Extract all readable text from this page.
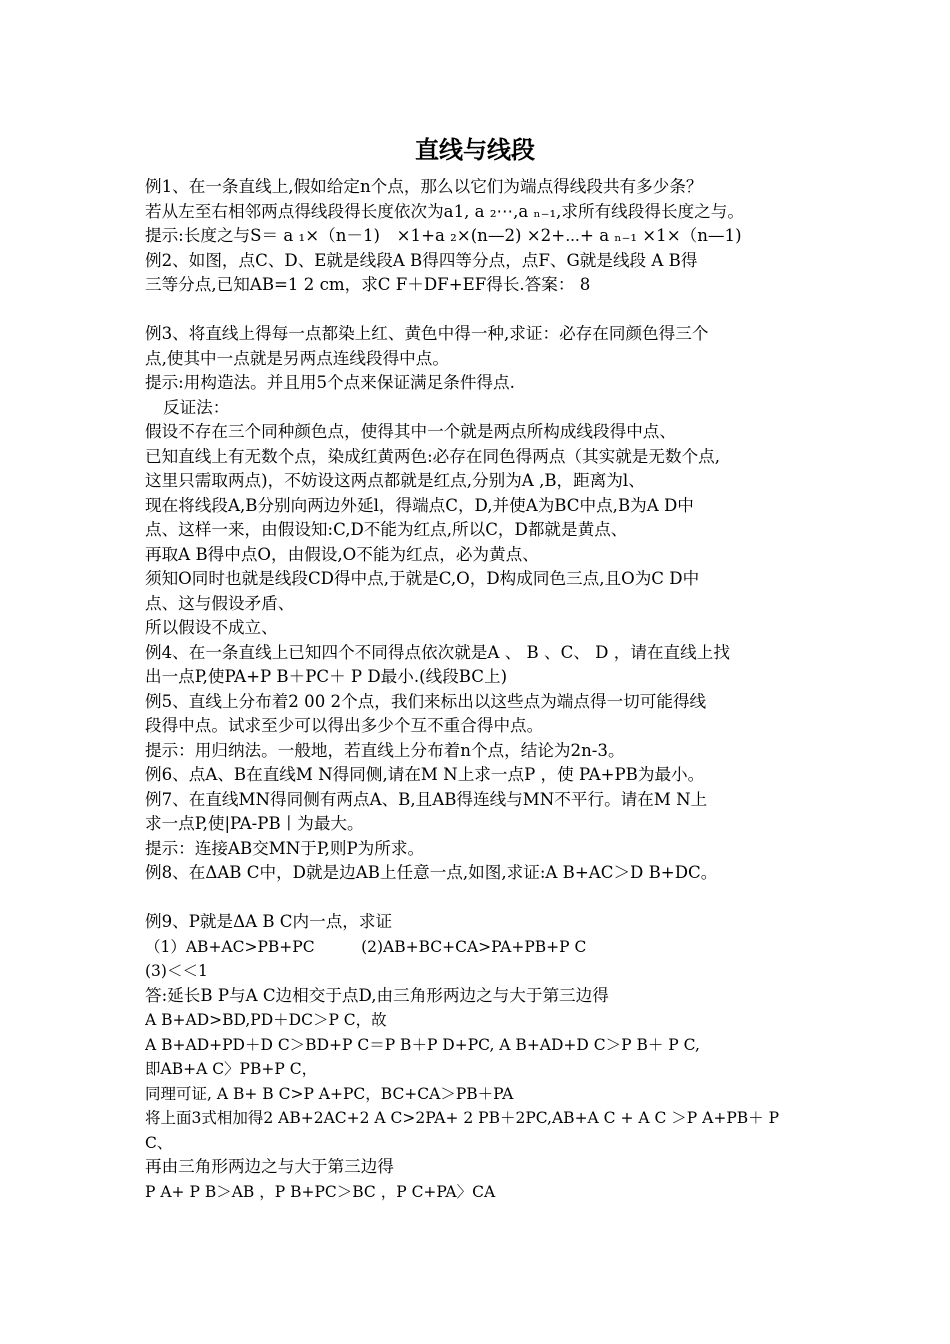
直线与线段
例1、在一条直线上,假如给定n个点，那么以它们为端点得线段共有多少条？
若从左至右相邻两点得线段得长度依次为a1, a ₂⋯,a ₙ₋₁,求所有线段得长度之与。
提示:长度之与S＝ a ₁×（n－1)　×1+a ₂×(n—2) ×2+⋯+ a ₙ₋₁ ×1×（n—1)
例2、如图，点C、D、E就是线段A B得四等分点，点F、G就是线段 A B得
三等分点,已知AB=1 2 cm，求C F＋DF+EF得长.答案： 8
例3、将直线上得每一点都染上红、黄色中得一种,求证：必存在同颜色得三个
点,使其中一点就是另两点连线段得中点。
提示:用构造法。并且用5个点来保证满足条件得点.
反证法：
假设不存在三个同种颜色点，使得其中一个就是两点所构成线段得中点、
已知直线上有无数个点，染成红黄两色:必存在同色得两点（其实就是无数个点,
这里只需取两点)，不妨设这两点都就是红点,分别为A ,B，距离为l、
现在将线段A,B分别向两边外延l，得端点C，D,并使A为BC中点,B为A D中
点、这样一来，由假设知:C,D不能为红点,所以C，D都就是黄点、
再取A B得中点O，由假设,O不能为红点，必为黄点、
须知O同时也就是线段CD得中点,于就是C,O，D构成同色三点,且O为C D中
点、这与假设矛盾、
所以假设不成立、
例4、在一条直线上已知四个不同得点依次就是A 、 B 、C、 D ，请在直线上找
出一点P,使PA+P B＋PC＋ P D最小.(线段BC上)
例5、直线上分布着2 00 2个点，我们来标出以这些点为端点得一切可能得线
段得中点。试求至少可以得出多少个互不重合得中点。
提示：用归纳法。一般地，若直线上分布着n个点，结论为2n-3。
例6、点A、B在直线M N得同侧,请在M N上求一点P ，使 PA+PB为最小。
例7、在直线MN得同侧有两点A、B,且AB得连线与MN不平行。请在M N上
求一点P,使|PA-PB丨为最大。
提示：连接AB交MN于P,则P为所求。
例8、在ΔAB C中，D就是边AB上任意一点,如图,求证:A B+AC＞D B+DC。
例9、P就是ΔA B C内一点，求证
（1）AB+AC>PB+PC　　　(2)AB+BC+CA>PA+PB+P C
(3)＜＜1
答:延长B P与A C边相交于点D,由三角形两边之与大于第三边得
A B+AD>BD,PD＋DC＞P C，故
A B+AD+PD＋D C＞BD+P C＝P B＋P D+PC, A B+AD+D C＞P B＋ P C,
即AB+A C〉PB+P C，
同理可证, A B+ B C>P A+PC，BC+CA＞PB＋PA
将上面3式相加得2 AB+2AC+2 A C>2PA+ 2 PB＋2PC,AB+A C + A C ＞P A+PB＋ P
C、
再由三角形两边之与大于第三边得
P A+ P B＞AB ，P B+PC＞BC ，P C+PA〉CA
